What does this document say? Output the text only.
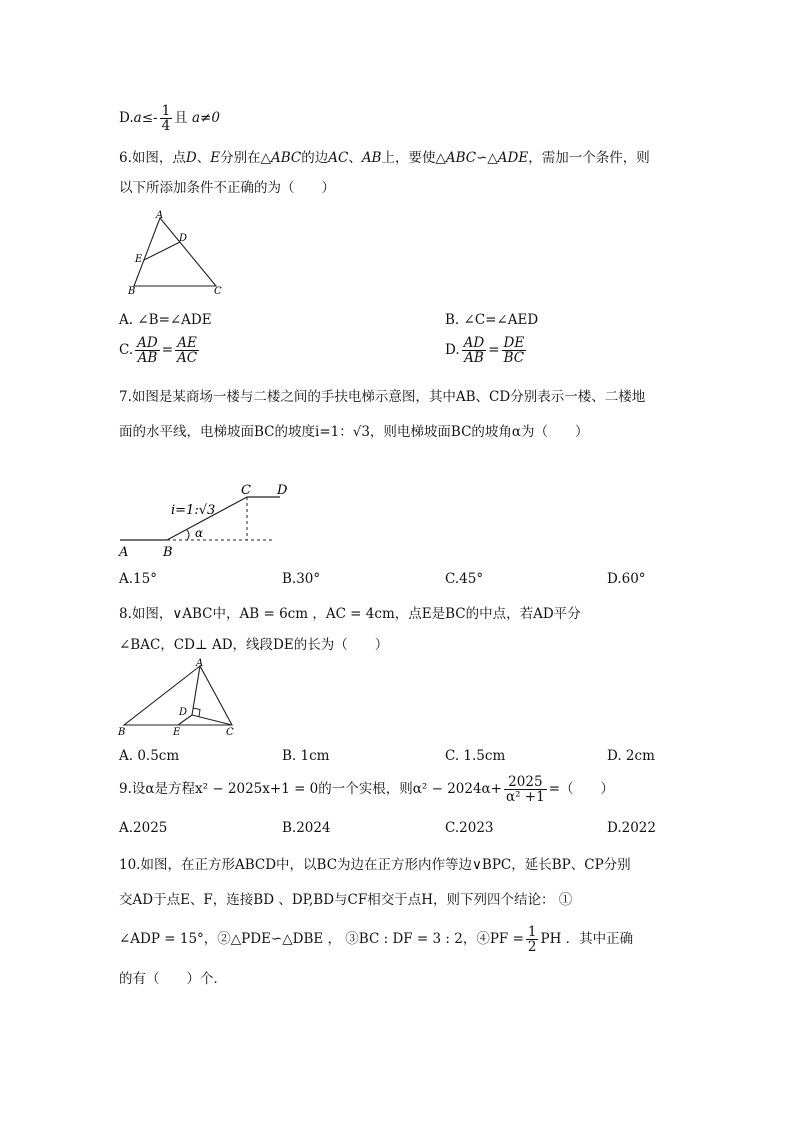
$D.a\le- \frac{1}{4}$ 且 a≠0
6.如图，点D、E分别在△ABC的边AC、AB上，要使△ABC∽△ADE，需加一个条件，则
以下所添加条件不正确的为（　　）
A
D
E
B	C
A. ∠B=∠ADE	B. ∠C=∠AED
C. $\frac{AD}{AB} = \frac{AE}{AC}$	D. $\frac{AD}{AB} = \frac{DE}{BC}$
7.如图是某商场一楼与二楼之间的手扶电梯示意图，其中AB、CD分别表示一楼、二楼地
面的水平线，电梯坡面BC的坡度i=1：√3，则电梯坡面BC的坡角α为（　　）
i=1:√3
α
A	B
C D
A.15°	B.30°	C.45°	D.60°
8.如图，∨ABC中，AB = 6cm ，AC = 4cm，点E是BC的中点，若AD平分
∠BAC，CD⊥ AD，线段DE的长为（　　）
A
D
B	E	C
A. 0.5cm	B. 1cm	C. 1.5cm	D. 2cm
9.设α是方程x² − 2025x+1 = 0的一个实根，则$\alpha^2 - 2024\alpha+ \frac{2025}{\text{α² +1}}$ =（　　）
A.2025	B.2024	C.2023	D.2022
10.如图，在正方形ABCD中，以BC为边在正方形内作等边∨BPC，延长BP、CP分别
交AD于点E、F，连接BD 、DP,BD与CF相交于点H，则下列四个结论： ①
∠ADP = 15°，②△PDE∽△DBE ， ③BC : DF = 3 : 2，④PF = $\frac{1}{2}$ PH ．其中正确
的有（　　）个．
